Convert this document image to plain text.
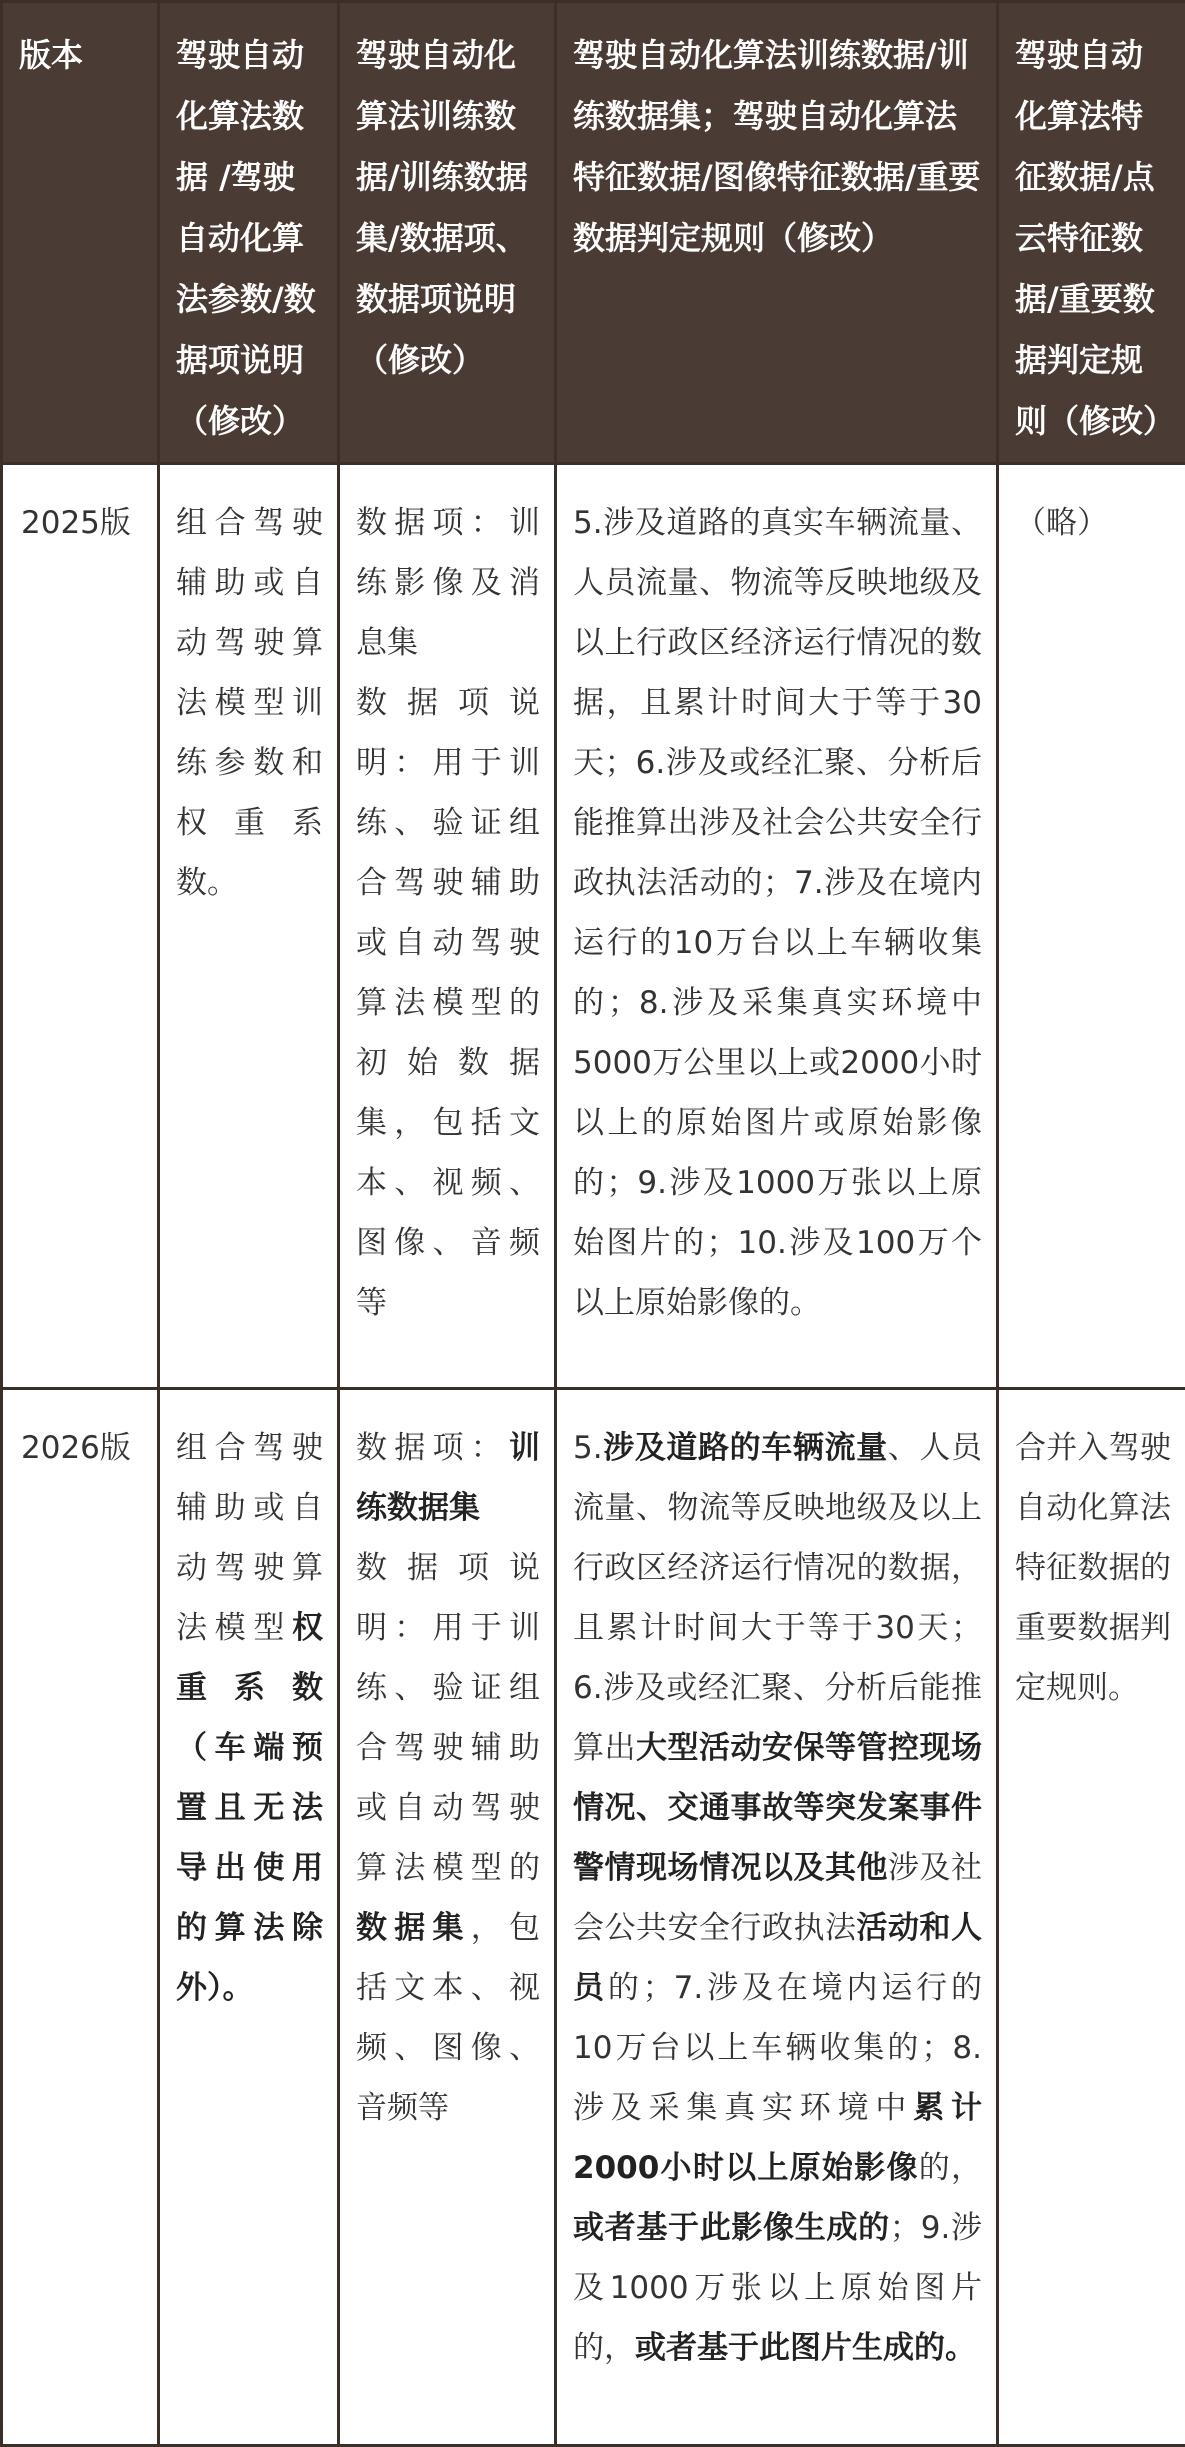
版本	驾驶自动化算法数据 /驾驶自动化算法参数/数据项说明（修改）	驾驶自动化算法训练数据/训练数据集/数据项、数据项说明（修改）	驾驶自动化算法训练数据/训练数据集；驾驶自动化算法特征数据/图像特征数据/重要数据判定规则（修改）	驾驶自动化算法特征数据/点云特征数据/重要数据判定规则（修改）
2025版	组合驾驶辅助或自动驾驶算法模型训练参数和权重系数。	数据项：训练影像及消息集
数据项说明：用于训练、验证组合驾驶辅助或自动驾驶算法模型的初始数据集，包括文本、视频、图像、音频等	5.涉及道路的真实车辆流量、人员流量、物流等反映地级及以上行政区经济运行情况的数据，且累计时间大于等于30天；6.涉及或经汇聚、分析后能推算出涉及社会公共安全行政执法活动的；7.涉及在境内运行的10万台以上车辆收集的；8.涉及采集真实环境中5000万公里以上或2000小时以上的原始图片或原始影像的；9.涉及1000万张以上原始图片的；10.涉及100万个以上原始影像的。	（略）
2026版	组合驾驶辅助或自动驾驶算法模型权重系数（车端预置且无法导出使用的算法除外）。	数据项：训练数据集
数据项说明：用于训练、验证组合驾驶辅助或自动驾驶算法模型的数据集，包括文本、视频、图像、音频等	5.涉及道路的车辆流量、人员流量、物流等反映地级及以上行政区经济运行情况的数据，且累计时间大于等于30天；6.涉及或经汇聚、分析后能推算出大型活动安保等管控现场情况、交通事故等突发案事件警情现场情况以及其他涉及社会公共安全行政执法活动和人员的；7.涉及在境内运行的10万台以上车辆收集的；8.涉及采集真实环境中累计2000小时以上原始影像的，或者基于此影像生成的；9.涉及1000万张以上原始图片的，或者基于此图片生成的。	合并入驾驶自动化算法特征数据的重要数据判定规则。
